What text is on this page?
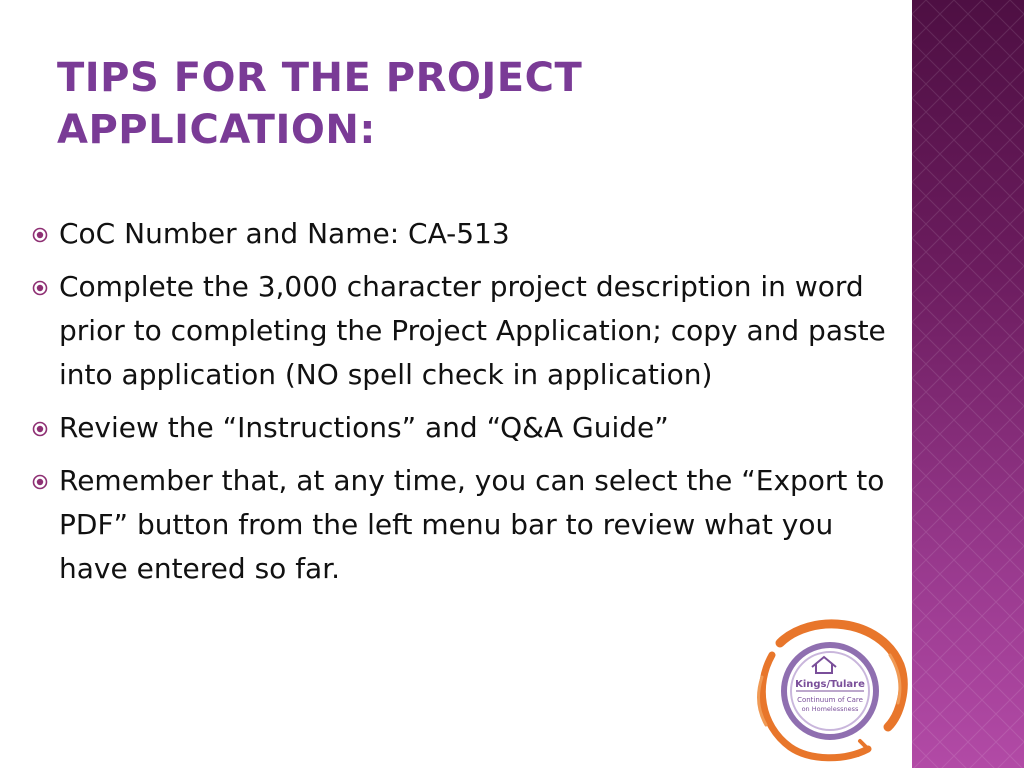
TIPS FOR THE PROJECT APPLICATION:
CoC Number and Name: CA-513
Complete the 3,000 character project description in word prior to completing the Project Application; copy and paste into application (NO spell check in application)
Review the “Instructions” and “Q&A Guide”
Remember that, at any time, you can select the “Export to PDF” button from the left menu bar to review what you have entered so far.
Kings/Tulare
Continuum of Care
on Homelessness
